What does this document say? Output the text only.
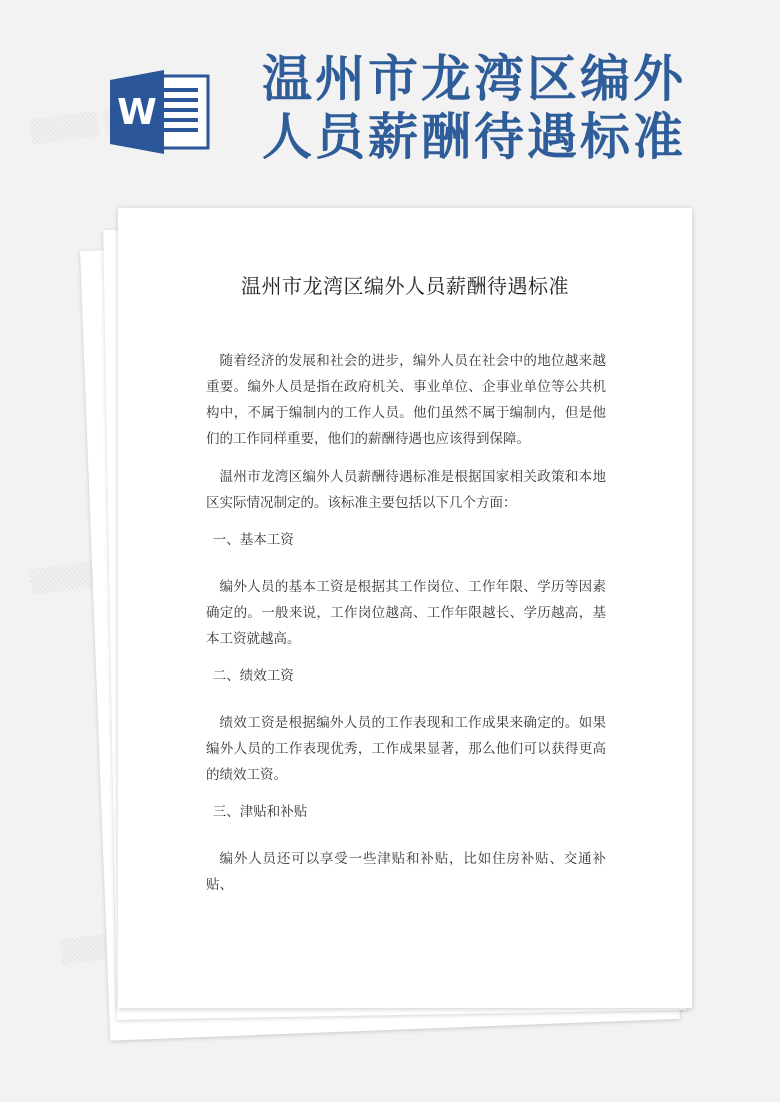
W
温州市龙湾区编外
人员薪酬待遇标准
温州市龙湾区编外人员薪酬待遇标准

随着经济的发展和社会的进步，编外人员在社会中的地位越来越重要。编外人员是指在政府机关、事业单位、企事业单位等公共机构中，不属于编制内的工作人员。他们虽然不属于编制内，但是他们的工作同样重要，他们的薪酬待遇也应该得到保障。

温州市龙湾区编外人员薪酬待遇标准是根据国家相关政策和本地区实际情况制定的。该标准主要包括以下几个方面：

一、基本工资

编外人员的基本工资是根据其工作岗位、工作年限、学历等因素确定的。一般来说，工作岗位越高、工作年限越长、学历越高，基本工资就越高。

二、绩效工资

绩效工资是根据编外人员的工作表现和工作成果来确定的。如果编外人员的工作表现优秀，工作成果显著，那么他们可以获得更高的绩效工资。

三、津贴和补贴

编外人员还可以享受一些津贴和补贴，比如住房补贴、交通补贴、
